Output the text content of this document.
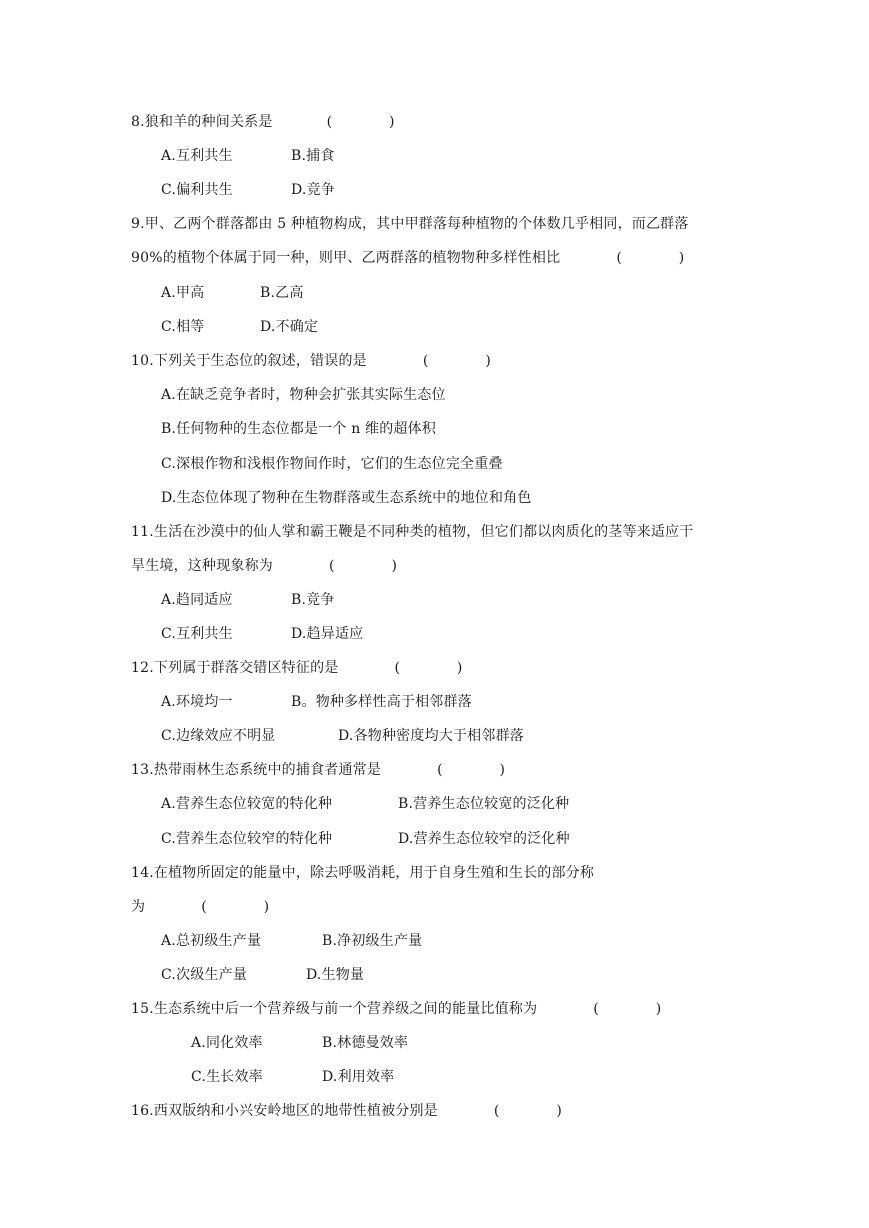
8.狼和羊的种间关系是	(　　　　)
A.互利共生	B.捕食
C.偏利共生	D.竞争
9.甲、乙两个群落都由 5 种植物构成，其中甲群落每种植物的个体数几乎相同，而乙群落
90%的植物个体属于同一种，则甲、乙两群落的植物物种多样性相比	(　　　　)
A.甲高	B.乙高
C.相等	D.不确定
10.下列关于生态位的叙述，错误的是	(　　　　)
A.在缺乏竞争者时，物种会扩张其实际生态位
B.任何物种的生态位都是一个 n 维的超体积
C.深根作物和浅根作物间作时，它们的生态位完全重叠
D.生态位体现了物种在生物群落或生态系统中的地位和角色
11.生活在沙漠中的仙人掌和霸王鞭是不同种类的植物，但它们都以肉质化的茎等来适应干
旱生境，这种现象称为	(　　　　)
A.趋同适应	B.竞争
C.互利共生	D.趋异适应
12.下列属于群落交错区特征的是	(　　　　)
A.环境均一	B。物种多样性高于相邻群落
C.边缘效应不明显	D.各物种密度均大于相邻群落
13.热带雨林生态系统中的捕食者通常是	(　　　　)
A.营养生态位较宽的特化种	B.营养生态位较宽的泛化种
C.营养生态位较窄的特化种	D.营养生态位较窄的泛化种
14.在植物所固定的能量中，除去呼吸消耗，用于自身生殖和生长的部分称
为	(　　　　)
A.总初级生产量	B.净初级生产量
C.次级生产量	D.生物量
15.生态系统中后一个营养级与前一个营养级之间的能量比值称为	(　　　　)
A.同化效率	B.林德曼效率
C.生长效率	D.利用效率
16.西双版纳和小兴安岭地区的地带性植被分别是	(　　　　)
